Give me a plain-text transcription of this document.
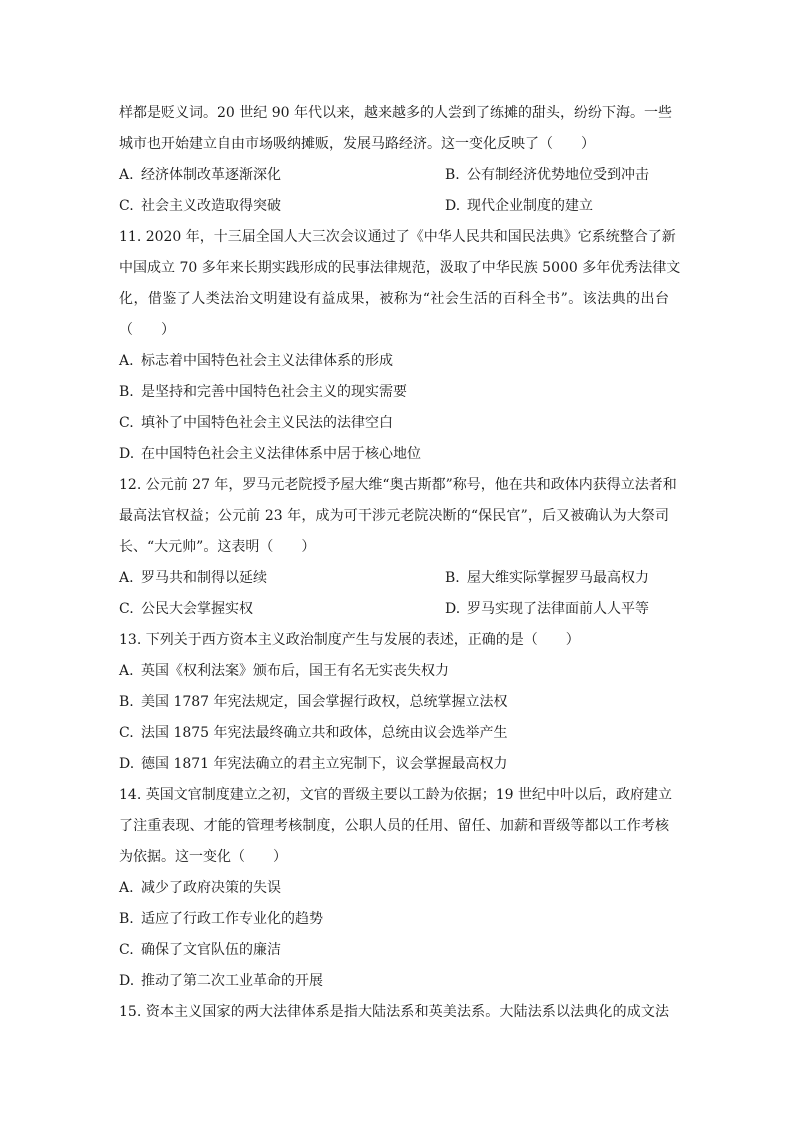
样都是贬义词。20 世纪 90 年代以来，越来越多的人尝到了练摊的甜头，纷纷下海。一些
城市也开始建立自由市场吸纳摊贩，发展马路经济。这一变化反映了（　　）
A. 经济体制改革逐渐深化	B. 公有制经济优势地位受到冲击
C. 社会主义改造取得突破	D. 现代企业制度的建立
11. 2020 年，十三届全国人大三次会议通过了《中华人民共和国民法典》它系统整合了新
中国成立 70 多年来长期实践形成的民事法律规范，汲取了中华民族 5000 多年优秀法律文
化，借鉴了人类法治文明建设有益成果，被称为“社会生活的百科全书”。该法典的出台
（　　）
A. 标志着中国特色社会主义法律体系的形成
B. 是坚持和完善中国特色社会主义的现实需要
C. 填补了中国特色社会主义民法的法律空白
D. 在中国特色社会主义法律体系中居于核心地位
12. 公元前 27 年，罗马元老院授予屋大维“奥古斯都”称号，他在共和政体内获得立法者和
最高法官权益；公元前 23 年，成为可干涉元老院决断的“保民官”，后又被确认为大祭司
长、“大元帅”。这表明（　　）
A. 罗马共和制得以延续	B. 屋大维实际掌握罗马最高权力
C. 公民大会掌握实权	D. 罗马实现了法律面前人人平等
13. 下列关于西方资本主义政治制度产生与发展的表述，正确的是（　　）
A. 英国《权利法案》颁布后，国王有名无实丧失权力
B. 美国 1787 年宪法规定，国会掌握行政权，总统掌握立法权
C. 法国 1875 年宪法最终确立共和政体，总统由议会选举产生
D. 德国 1871 年宪法确立的君主立宪制下，议会掌握最高权力
14. 英国文官制度建立之初，文官的晋级主要以工龄为依据；19 世纪中叶以后，政府建立
了注重表现、才能的管理考核制度，公职人员的任用、留任、加薪和晋级等都以工作考核
为依据。这一变化（　　）
A. 减少了政府决策的失误
B. 适应了行政工作专业化的趋势
C. 确保了文官队伍的廉洁
D. 推动了第二次工业革命的开展
15. 资本主义国家的两大法律体系是指大陆法系和英美法系。大陆法系以法典化的成文法
